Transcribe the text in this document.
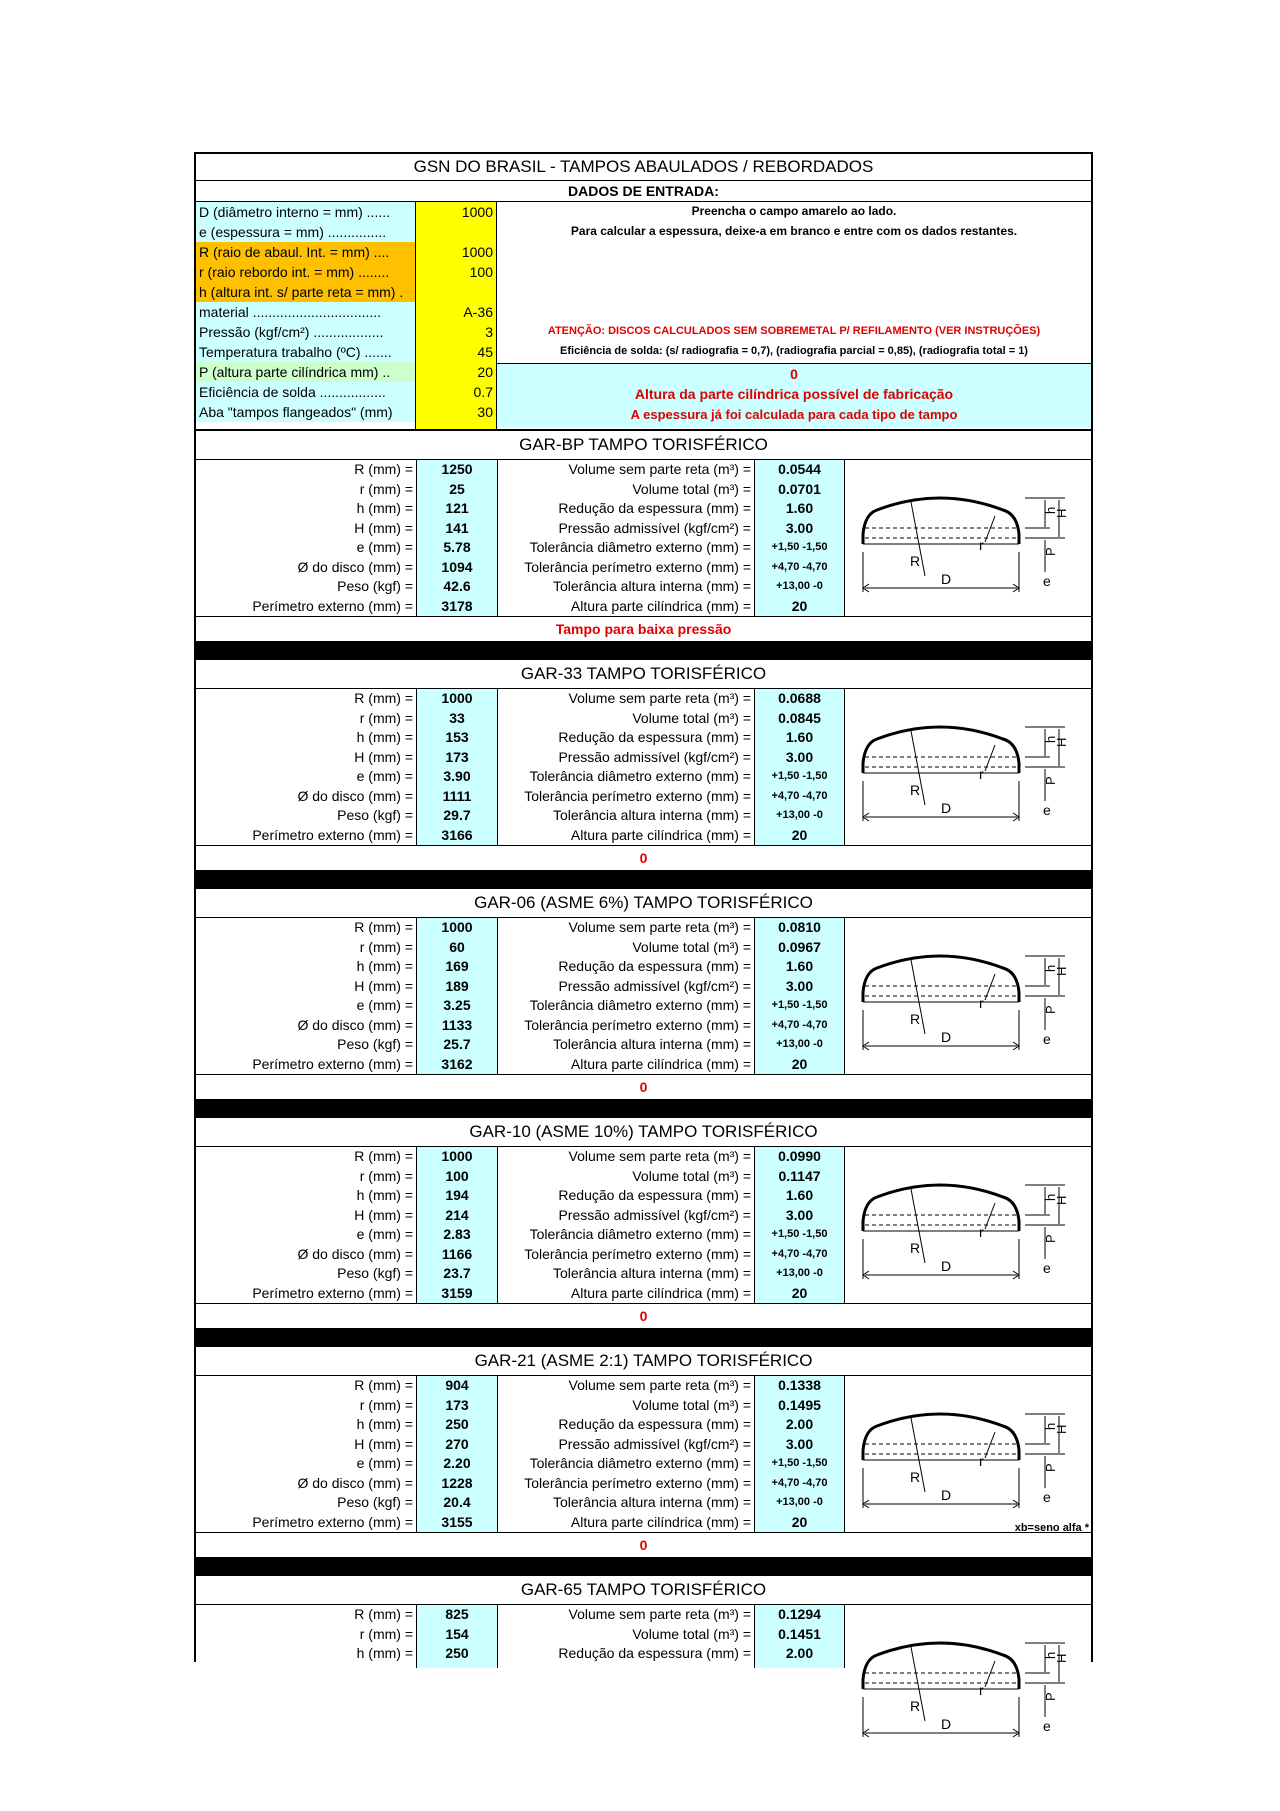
GSN DO BRASIL - TAMPOS ABAULADOS / REBORDADOS
DADOS DE ENTRADA:
D (diâmetro interno = mm) ......
e (espessura = mm) ...............
R (raio de abaul. Int. = mm) ....
r (raio rebordo int. = mm) ........
h (altura int. s/ parte reta = mm) .
material .................................
Pressão (kgf/cm²) ..................
Temperatura trabalho (ºC) .......
P (altura parte cilíndrica mm) ..
Eficiência de solda .................
Aba "tampos flangeados" (mm)
1000
1000
100
A-36
3
45
20
0.7
30
Preencha o campo amarelo ao lado.
Para calcular a espessura, deixe-a em branco e entre com os dados restantes.
ATENÇÃO: DISCOS CALCULADOS SEM SOBREMETAL P/ REFILAMENTO (VER INSTRUÇÕES)
Eficiência de solda: (s/ radiografia = 0,7), (radiografia parcial = 0,85), (radiografia total = 1)
0
Altura da parte cilíndrica possível de fabricação
A espessura já foi calculada para cada tipo de tampo
GAR-BP TAMPO TORISFÉRICO
R (mm) =
r (mm) =
h (mm) =
H (mm) =
e (mm) =
Ø do disco (mm) =
Peso (kgf) =
Perímetro externo (mm) =
1250
25
121
141
5.78
1094
42.6
3178
Volume sem parte reta (m³) =
Volume total (m³) =
Redução da espessura (mm) =
Pressão admissível (kgf/cm²) =
Tolerância diâmetro externo (mm) =
Tolerância perímetro externo (mm) =
Tolerância altura interna (mm) =
Altura parte cilíndrica (mm) =
0.0544
0.0701
1.60
3.00
+1,50 -1,50
+4,70 -4,70
+13,00 -0
20
R
r
D
h
H
P
e
Tampo para baixa pressão
GAR-33 TAMPO TORISFÉRICO
R (mm) =
r (mm) =
h (mm) =
H (mm) =
e (mm) =
Ø do disco (mm) =
Peso (kgf) =
Perímetro externo (mm) =
1000
33
153
173
3.90
1111
29.7
3166
Volume sem parte reta (m³) =
Volume total (m³) =
Redução da espessura (mm) =
Pressão admissível (kgf/cm²) =
Tolerância diâmetro externo (mm) =
Tolerância perímetro externo (mm) =
Tolerância altura interna (mm) =
Altura parte cilíndrica (mm) =
0.0688
0.0845
1.60
3.00
+1,50 -1,50
+4,70 -4,70
+13,00 -0
20
R
r
D
h
H
P
e
0
GAR-06 (ASME 6%) TAMPO TORISFÉRICO
R (mm) =
r (mm) =
h (mm) =
H (mm) =
e (mm) =
Ø do disco (mm) =
Peso (kgf) =
Perímetro externo (mm) =
1000
60
169
189
3.25
1133
25.7
3162
Volume sem parte reta (m³) =
Volume total (m³) =
Redução da espessura (mm) =
Pressão admissível (kgf/cm²) =
Tolerância diâmetro externo (mm) =
Tolerância perímetro externo (mm) =
Tolerância altura interna (mm) =
Altura parte cilíndrica (mm) =
0.0810
0.0967
1.60
3.00
+1,50 -1,50
+4,70 -4,70
+13,00 -0
20
R
r
D
h
H
P
e
0
GAR-10 (ASME 10%) TAMPO TORISFÉRICO
R (mm) =
r (mm) =
h (mm) =
H (mm) =
e (mm) =
Ø do disco (mm) =
Peso (kgf) =
Perímetro externo (mm) =
1000
100
194
214
2.83
1166
23.7
3159
Volume sem parte reta (m³) =
Volume total (m³) =
Redução da espessura (mm) =
Pressão admissível (kgf/cm²) =
Tolerância diâmetro externo (mm) =
Tolerância perímetro externo (mm) =
Tolerância altura interna (mm) =
Altura parte cilíndrica (mm) =
0.0990
0.1147
1.60
3.00
+1,50 -1,50
+4,70 -4,70
+13,00 -0
20
R
r
D
h
H
P
e
0
GAR-21 (ASME 2:1) TAMPO TORISFÉRICO
R (mm) =
r (mm) =
h (mm) =
H (mm) =
e (mm) =
Ø do disco (mm) =
Peso (kgf) =
Perímetro externo (mm) =
904
173
250
270
2.20
1228
20.4
3155
Volume sem parte reta (m³) =
Volume total (m³) =
Redução da espessura (mm) =
Pressão admissível (kgf/cm²) =
Tolerância diâmetro externo (mm) =
Tolerância perímetro externo (mm) =
Tolerância altura interna (mm) =
Altura parte cilíndrica (mm) =
0.1338
0.1495
2.00
3.00
+1,50 -1,50
+4,70 -4,70
+13,00 -0
20
R
r
D
h
H
P
e
xb=seno alfa *
0
GAR-65 TAMPO TORISFÉRICO
R (mm) =
r (mm) =
h (mm) =
825
154
250
Volume sem parte reta (m³) =
Volume total (m³) =
Redução da espessura (mm) =
0.1294
0.1451
2.00
R
r
D
h
H
P
e
